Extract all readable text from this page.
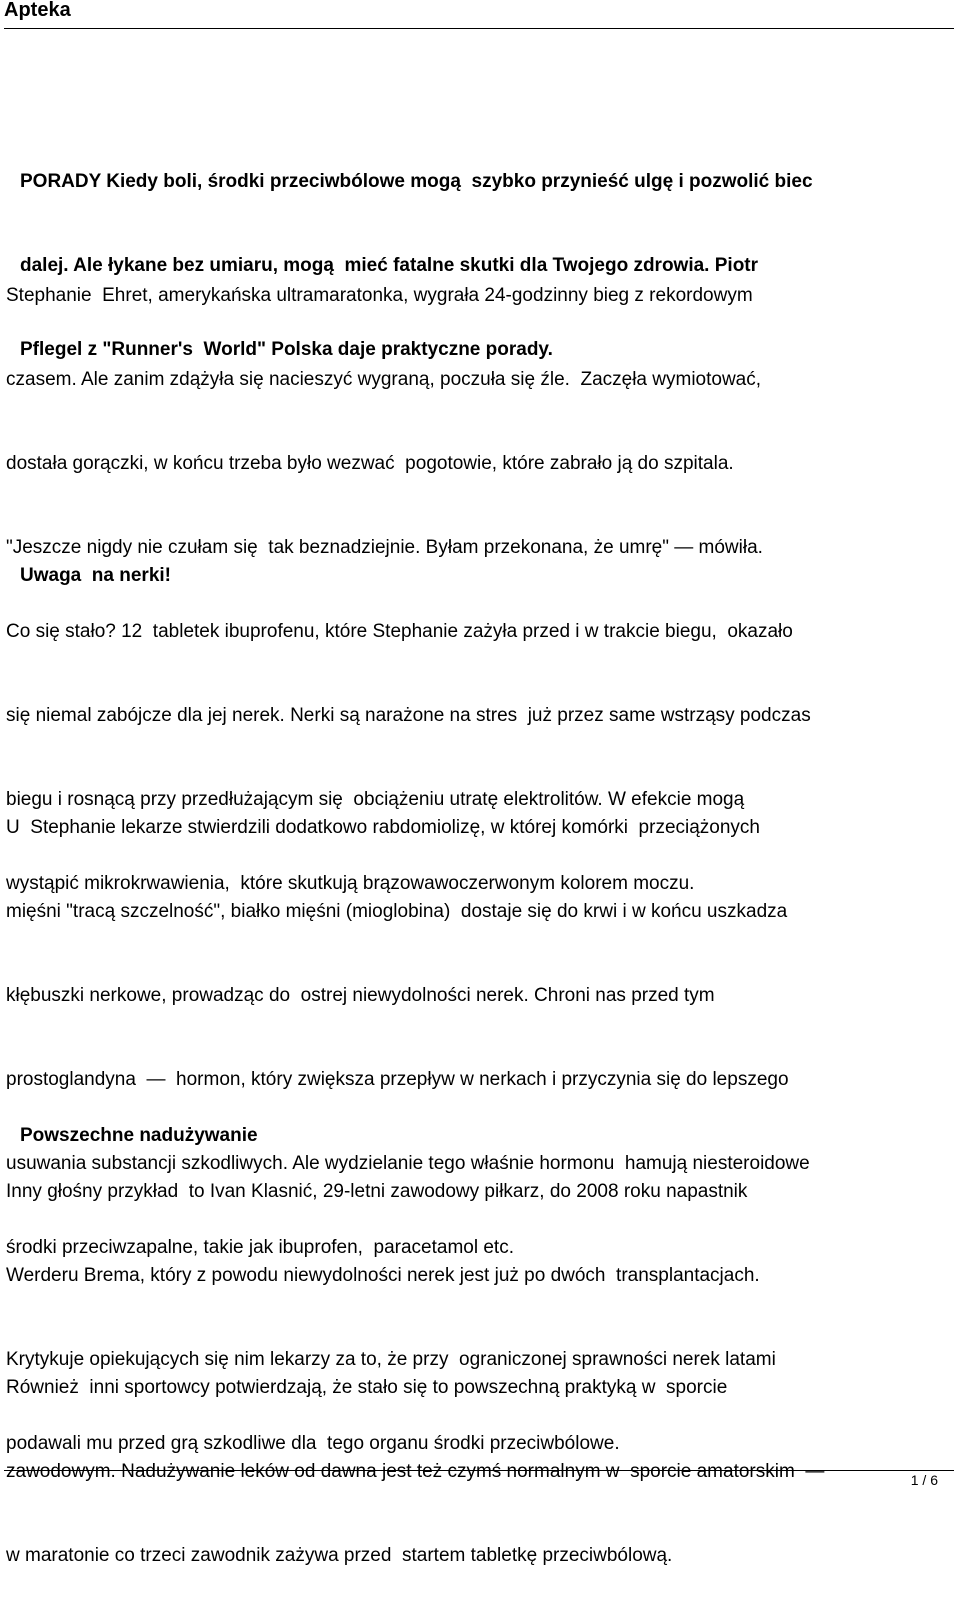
Apteka

PORADY Kiedy boli, środki przeciwbólowe mogą  szybko przynieść ulgę i pozwolić biec

dalej. Ale łykane bez umiaru, mogą  mieć fatalne skutki dla Twojego zdrowia. Piotr

Pflegel z "Runner's  World" Polska daje praktyczne porady.

Stephanie  Ehret, amerykańska ultramaratonka, wygrała 24-godzinny bieg z rekordowym

czasem. Ale zanim zdążyła się nacieszyć wygraną, poczuła się źle.  Zaczęła wymiotować,

dostała gorączki, w końcu trzeba było wezwać  pogotowie, które zabrało ją do szpitala.

"Jeszcze nigdy nie czułam się  tak beznadziejnie. Byłam przekonana, że umrę" — mówiła.

Uwaga  na nerki!

Co się stało? 12  tabletek ibuprofenu, które Stephanie zażyła przed i w trakcie biegu,  okazało

się niemal zabójcze dla jej nerek. Nerki są narażone na stres  już przez same wstrząsy podczas

biegu i rosnącą przy przedłużającym się  obciążeniu utratę elektrolitów. W efekcie mogą

wystąpić mikrokrwawienia,  które skutkują brązowawoczerwonym kolorem moczu.

U  Stephanie lekarze stwierdzili dodatkowo rabdomiolizę, w której komórki  przeciążonych

mięśni "tracą szczelność", białko mięśni (mioglobina)  dostaje się do krwi i w końcu uszkadza

kłębuszki nerkowe, prowadząc do  ostrej niewydolności nerek. Chroni nas przed tym

prostoglandyna  —  hormon, który zwiększa przepływ w nerkach i przyczynia się do lepszego

usuwania substancji szkodliwych. Ale wydzielanie tego właśnie hormonu  hamują niesteroidowe

środki przeciwzapalne, takie jak ibuprofen,  paracetamol etc.

Powszechne nadużywanie

Inny głośny przykład  to Ivan Klasnić, 29-letni zawodowy piłkarz, do 2008 roku napastnik

Werderu Brema, który z powodu niewydolności nerek jest już po dwóch  transplantacjach.

Krytykuje opiekujących się nim lekarzy za to, że przy  ograniczonej sprawności nerek latami

podawali mu przed grą szkodliwe dla  tego organu środki przeciwbólowe.

Również  inni sportowcy potwierdzają, że stało się to powszechną praktyką w  sporcie

zawodowym. Nadużywanie leków od dawna jest też czymś normalnym w  sporcie amatorskim  —

w maratonie co trzeci zawodnik zażywa przed  startem tabletkę przeciwbólową.

1 / 6
